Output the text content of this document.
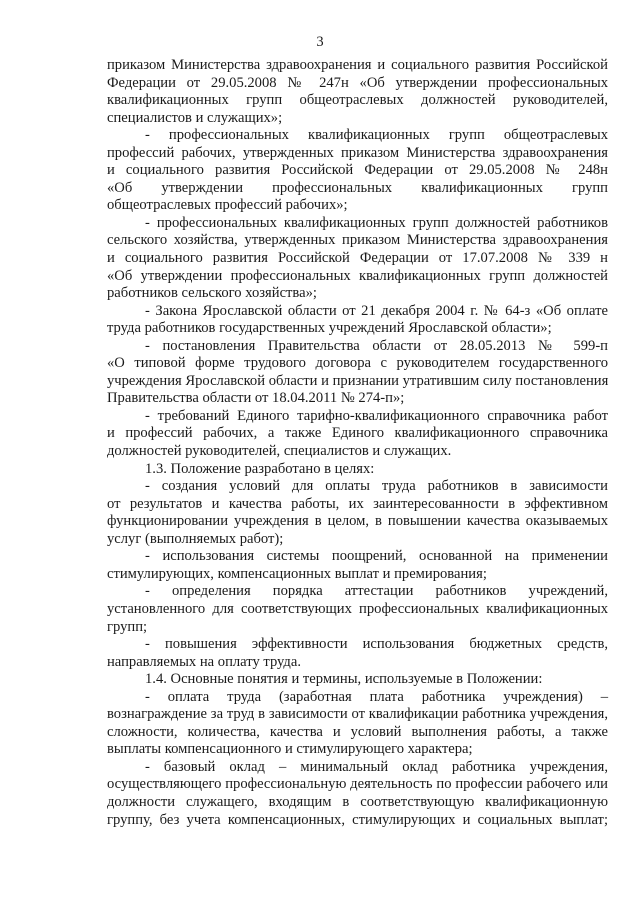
3
приказом Министерства здравоохранения и социального развития Российской
Федерации от 29.05.2008 № 247н «Об утверждении профессиональных
квалификационных групп общеотраслевых должностей руководителей,
специалистов и служащих»;
- профессиональных квалификационных групп общеотраслевых
профессий рабочих, утвержденных приказом Министерства здравоохранения
и социального развития Российской Федерации от 29.05.2008 № 248н
«Об утверждении профессиональных квалификационных групп
общеотраслевых профессий рабочих»;
- профессиональных квалификационных групп должностей работников
сельского хозяйства, утвержденных приказом Министерства здравоохранения
и социального развития Российской Федерации от 17.07.2008 № 339 н
«Об утверждении профессиональных квалификационных групп должностей
работников сельского хозяйства»;
- Закона Ярославской области от 21 декабря 2004 г. № 64-з «Об оплате
труда работников государственных учреждений Ярославской области»;
- постановления Правительства области от 28.05.2013 № 599-п
«О типовой форме трудового договора с руководителем государственного
учреждения Ярославской области и признании утратившим силу постановления
Правительства области от 18.04.2011 № 274-п»;
- требований Единого тарифно-квалификационного справочника работ
и профессий рабочих, а также Единого квалификационного справочника
должностей руководителей, специалистов и служащих.
1.3. Положение разработано в целях:
- создания условий для оплаты труда работников в зависимости
от результатов и качества работы, их заинтересованности в эффективном
функционировании учреждения в целом, в повышении качества оказываемых
услуг (выполняемых работ);
- использования системы поощрений, основанной на применении
стимулирующих, компенсационных выплат и премирования;
- определения порядка аттестации работников учреждений,
установленного для соответствующих профессиональных квалификационных
групп;
- повышения эффективности использования бюджетных средств,
направляемых на оплату труда.
1.4. Основные понятия и термины, используемые в Положении:
- оплата труда (заработная плата работника учреждения) –
вознаграждение за труд в зависимости от квалификации работника учреждения,
сложности, количества, качества и условий выполнения работы, а также
выплаты компенсационного и стимулирующего характера;
- базовый оклад – минимальный оклад работника учреждения,
осуществляющего профессиональную деятельность по профессии рабочего или
должности служащего, входящим в соответствующую квалификационную
группу, без учета компенсационных, стимулирующих и социальных выплат;
